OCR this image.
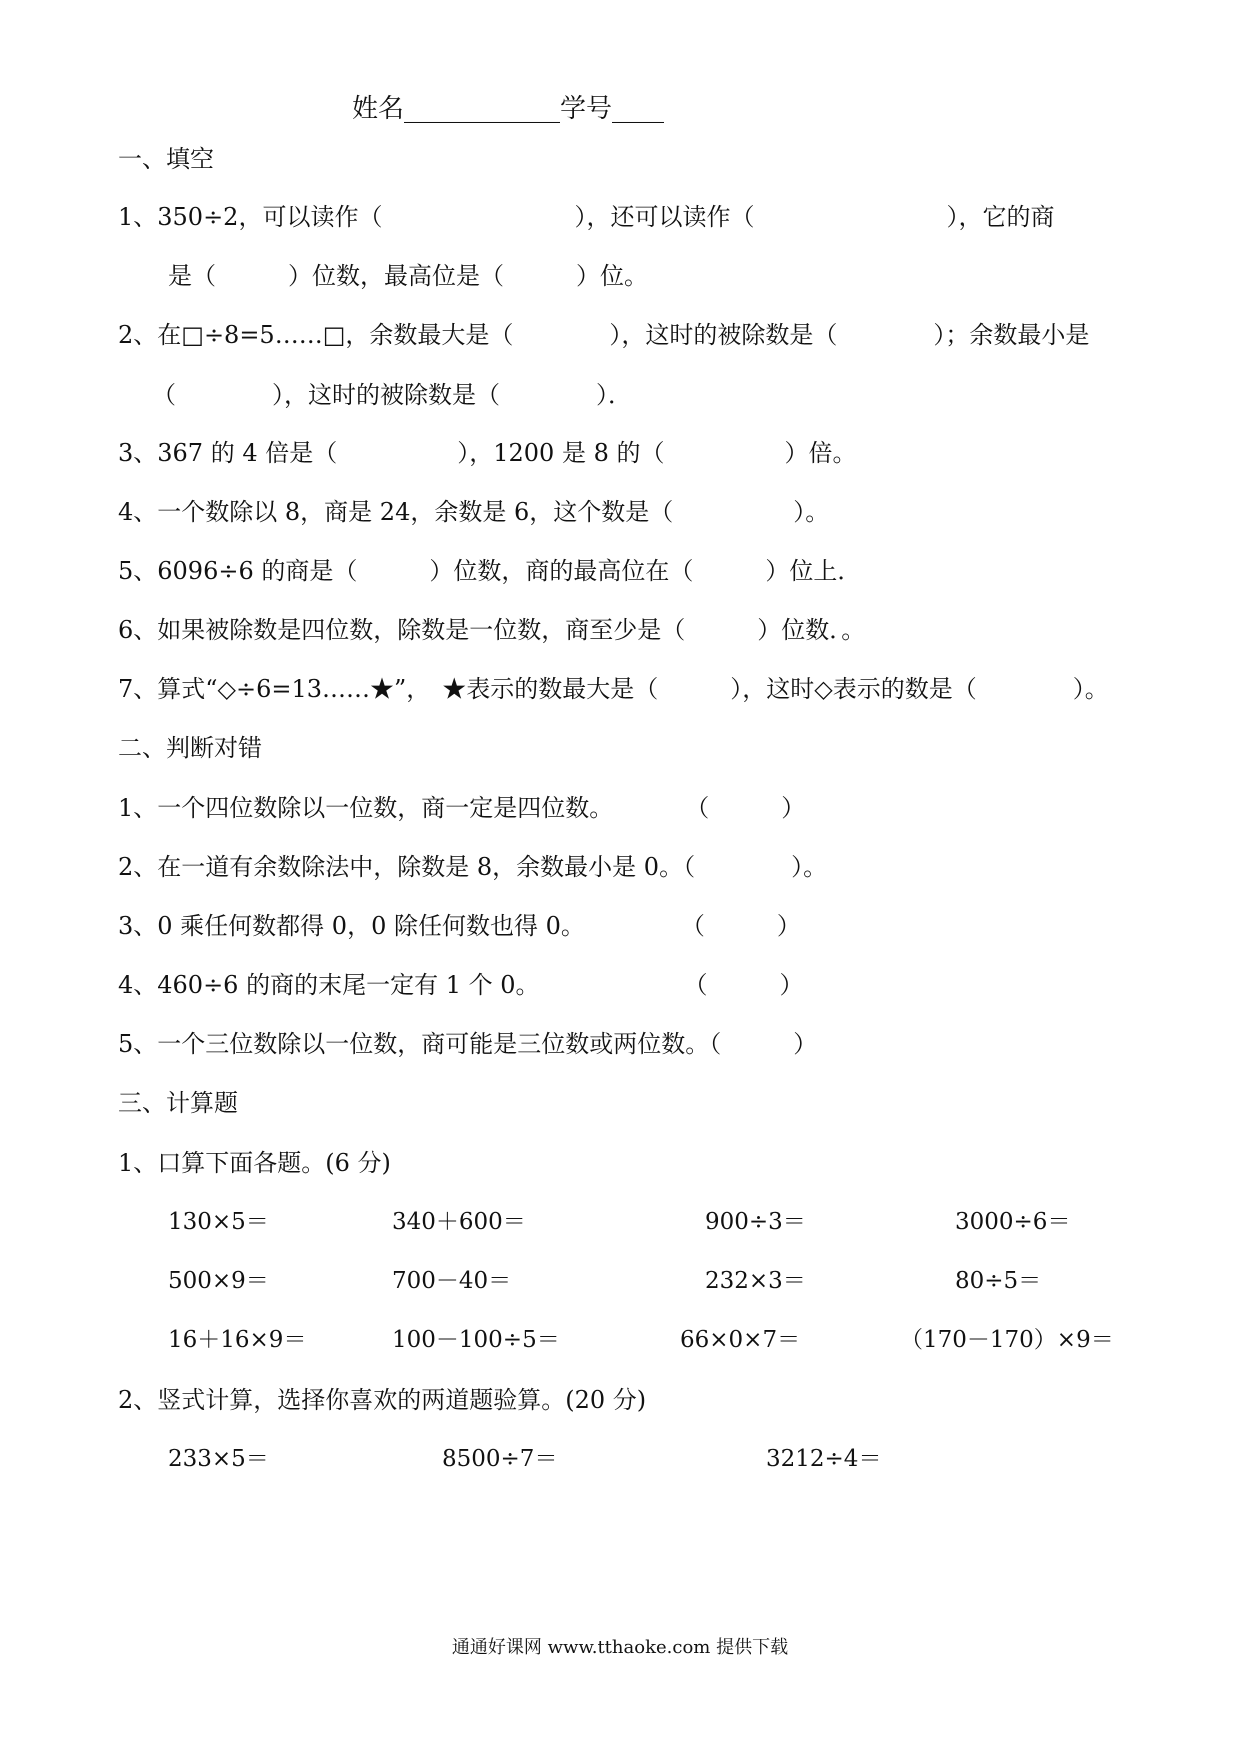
姓名____________学号____
一、填空
1、350÷2，可以读作（　　　　　　　　），还可以读作（　　　　　　　　），它的商
是（　　　）位数，最高位是（　　　）位。
2、在□÷8=5……□，余数最大是（　　　　），这时的被除数是（　　　　）；余数最小是
（　　　　），这时的被除数是（　　　　）．
3、367 的 4 倍是（　　　　　），1200 是 8 的（　　　　　）倍。
4、一个数除以 8，商是 24，余数是 6，这个数是（　　　　　）。
5、6096÷6 的商是（　　　）位数，商的最高位在（　　　）位上．
6、如果被除数是四位数，除数是一位数，商至少是（　　　）位数．。
7、算式“◇÷6=13……★”，　★表示的数最大是（　　　），这时◇表示的数是（　　　　）。
二、判断对错
1、一个四位数除以一位数，商一定是四位数。　　　　（　　　）
2、在一道有余数除法中，除数是 8，余数最小是 0。（　　　　）。
3、0 乘任何数都得 0，0 除任何数也得 0。　　　　　（　　　）
4、460÷6 的商的末尾一定有 1 个 0。　　　　　　　（　　　）
5、一个三位数除以一位数，商可能是三位数或两位数。（　　　）
三、计算题
1、口算下面各题。(6 分)
130×5＝	340＋600＝	900÷3＝	3000÷6＝
500×9＝	700－40＝	232×3＝	80÷5＝
16＋16×9＝	100－100÷5＝	66×0×7＝	（170－170）×9＝
2、竖式计算，选择你喜欢的两道题验算。(20 分)
233×5＝	8500÷7＝	3212÷4＝
通通好课网 www.tthaoke.com 提供下载
